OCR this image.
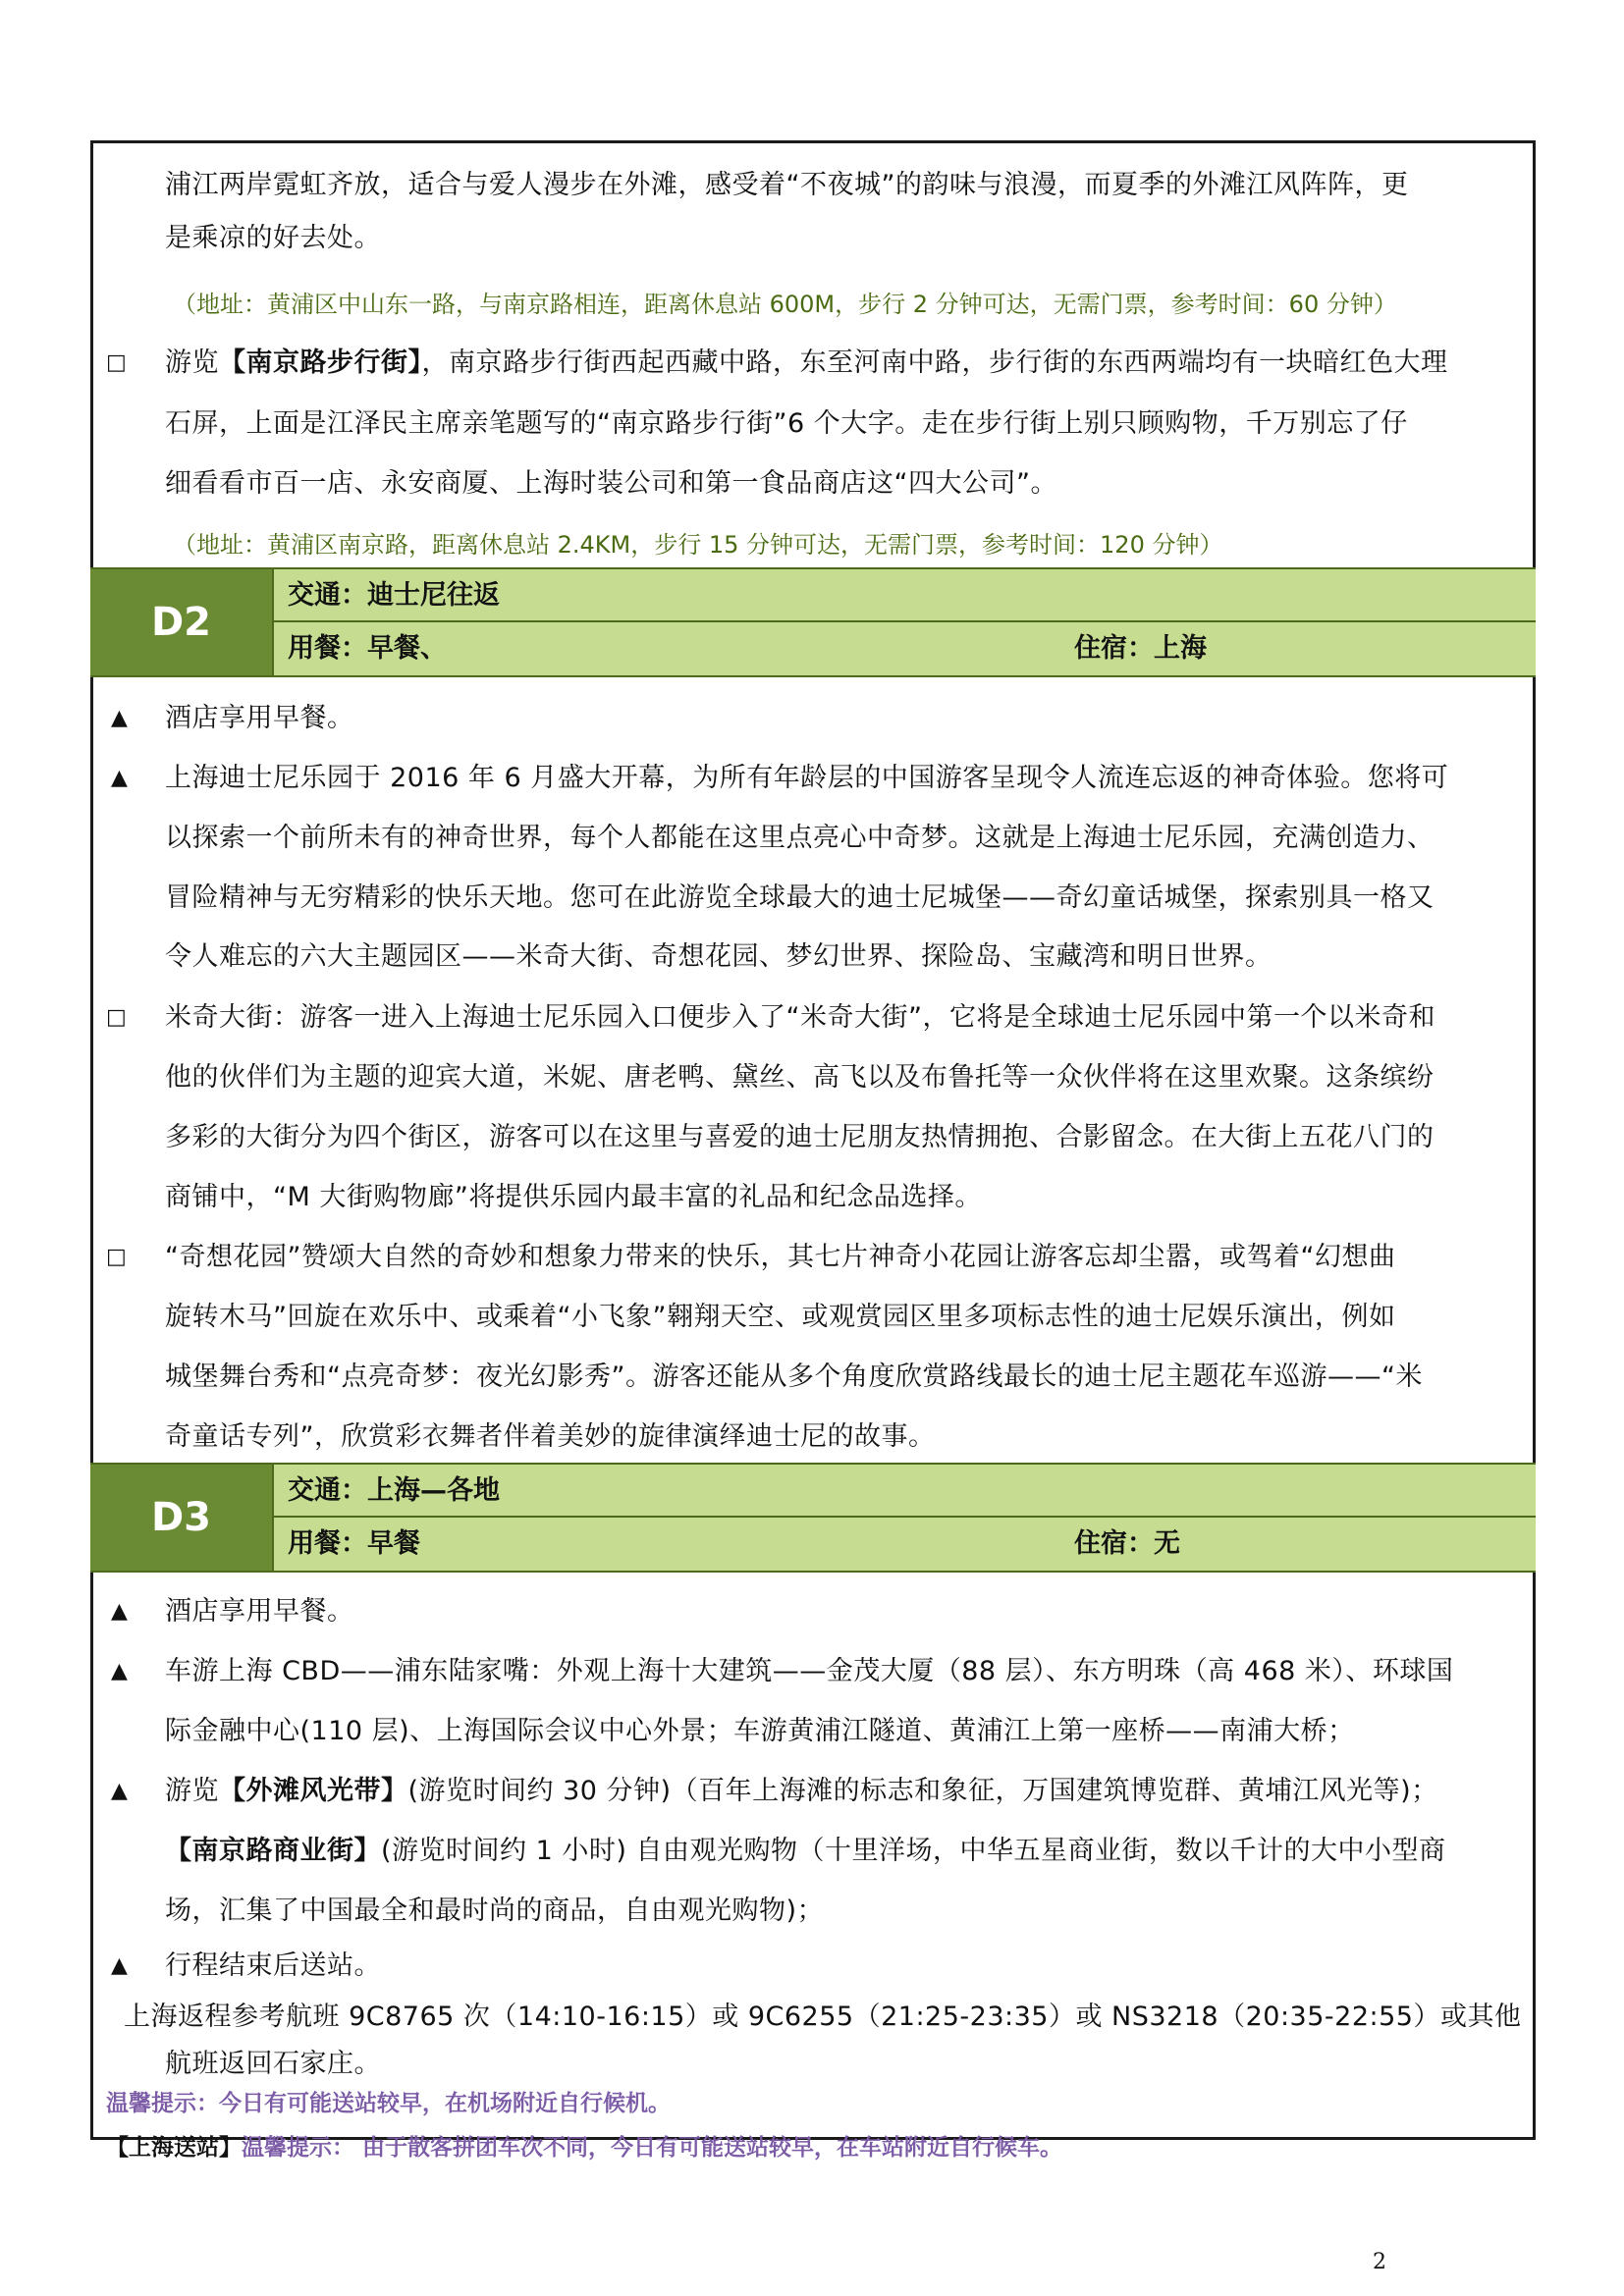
浦江两岸霓虹齐放，适合与爱人漫步在外滩，感受着“不夜城”的韵味与浪漫，而夏季的外滩江风阵阵，更
是乘凉的好去处。
（地址：黄浦区中山东一路，与南京路相连，距离休息站 600M，步行 2 分钟可达，无需门票，参考时间：60 分钟）
□ 游览【南京路步行街】，南京路步行街西起西藏中路，东至河南中路，步行街的东西两端均有一块暗红色大理
石屏，上面是江泽民主席亲笔题写的“南京路步行街”6 个大字。走在步行街上别只顾购物，千万别忘了仔
细看看市百一店、永安商厦、上海时装公司和第一食品商店这“四大公司”。
（地址：黄浦区南京路，距离休息站 2.4KM，步行 15 分钟可达，无需门票，参考时间：120 分钟）
D2
交通：迪士尼往返
用餐：早餐、	住宿：上海
▲ 酒店享用早餐。
▲ 上海迪士尼乐园于 2016 年 6 月盛大开幕，为所有年龄层的中国游客呈现令人流连忘返的神奇体验。您将可
以探索一个前所未有的神奇世界，每个人都能在这里点亮心中奇梦。这就是上海迪士尼乐园，充满创造力、
冒险精神与无穷精彩的快乐天地。您可在此游览全球最大的迪士尼城堡——奇幻童话城堡，探索别具一格又
令人难忘的六大主题园区——米奇大街、奇想花园、梦幻世界、探险岛、宝藏湾和明日世界。
□ 米奇大街：游客一进入上海迪士尼乐园入口便步入了“米奇大街”，它将是全球迪士尼乐园中第一个以米奇和
他的伙伴们为主题的迎宾大道，米妮、唐老鸭、黛丝、高飞以及布鲁托等一众伙伴将在这里欢聚。这条缤纷
多彩的大街分为四个街区，游客可以在这里与喜爱的迪士尼朋友热情拥抱、合影留念。在大街上五花八门的
商铺中，“M 大街购物廊”将提供乐园内最丰富的礼品和纪念品选择。
□ “奇想花园”赞颂大自然的奇妙和想象力带来的快乐，其七片神奇小花园让游客忘却尘嚣，或驾着“幻想曲
旋转木马”回旋在欢乐中、或乘着“小飞象”翱翔天空、或观赏园区里多项标志性的迪士尼娱乐演出，例如
城堡舞台秀和“点亮奇梦：夜光幻影秀”。游客还能从多个角度欣赏路线最长的迪士尼主题花车巡游——“米
奇童话专列”，欣赏彩衣舞者伴着美妙的旋律演绎迪士尼的故事。
D3
交通：上海—各地
用餐：早餐	住宿：无
▲ 酒店享用早餐。
▲ 车游上海 CBD——浦东陆家嘴：外观上海十大建筑——金茂大厦（88 层）、东方明珠（高 468 米）、环球国
际金融中心(110 层)、上海国际会议中心外景；车游黄浦江隧道、黄浦江上第一座桥——南浦大桥；
▲ 游览【外滩风光带】(游览时间约 30 分钟)（百年上海滩的标志和象征，万国建筑博览群、黄埔江风光等)；
【南京路商业街】(游览时间约 1 小时) 自由观光购物（十里洋场，中华五星商业街，数以千计的大中小型商
场，汇集了中国最全和最时尚的商品，自由观光购物)；
▲ 行程结束后送站。
上海返程参考航班 9C8765 次（14:10-16:15）或 9C6255（21:25-23:35）或 NS3218（20:35-22:55）或其他
航班返回石家庄。
温馨提示：今日有可能送站较早，在机场附近自行候机。
【上海送站】温馨提示： 由于散客拼团车次不同，今日有可能送站较早，在车站附近自行候车。
2
